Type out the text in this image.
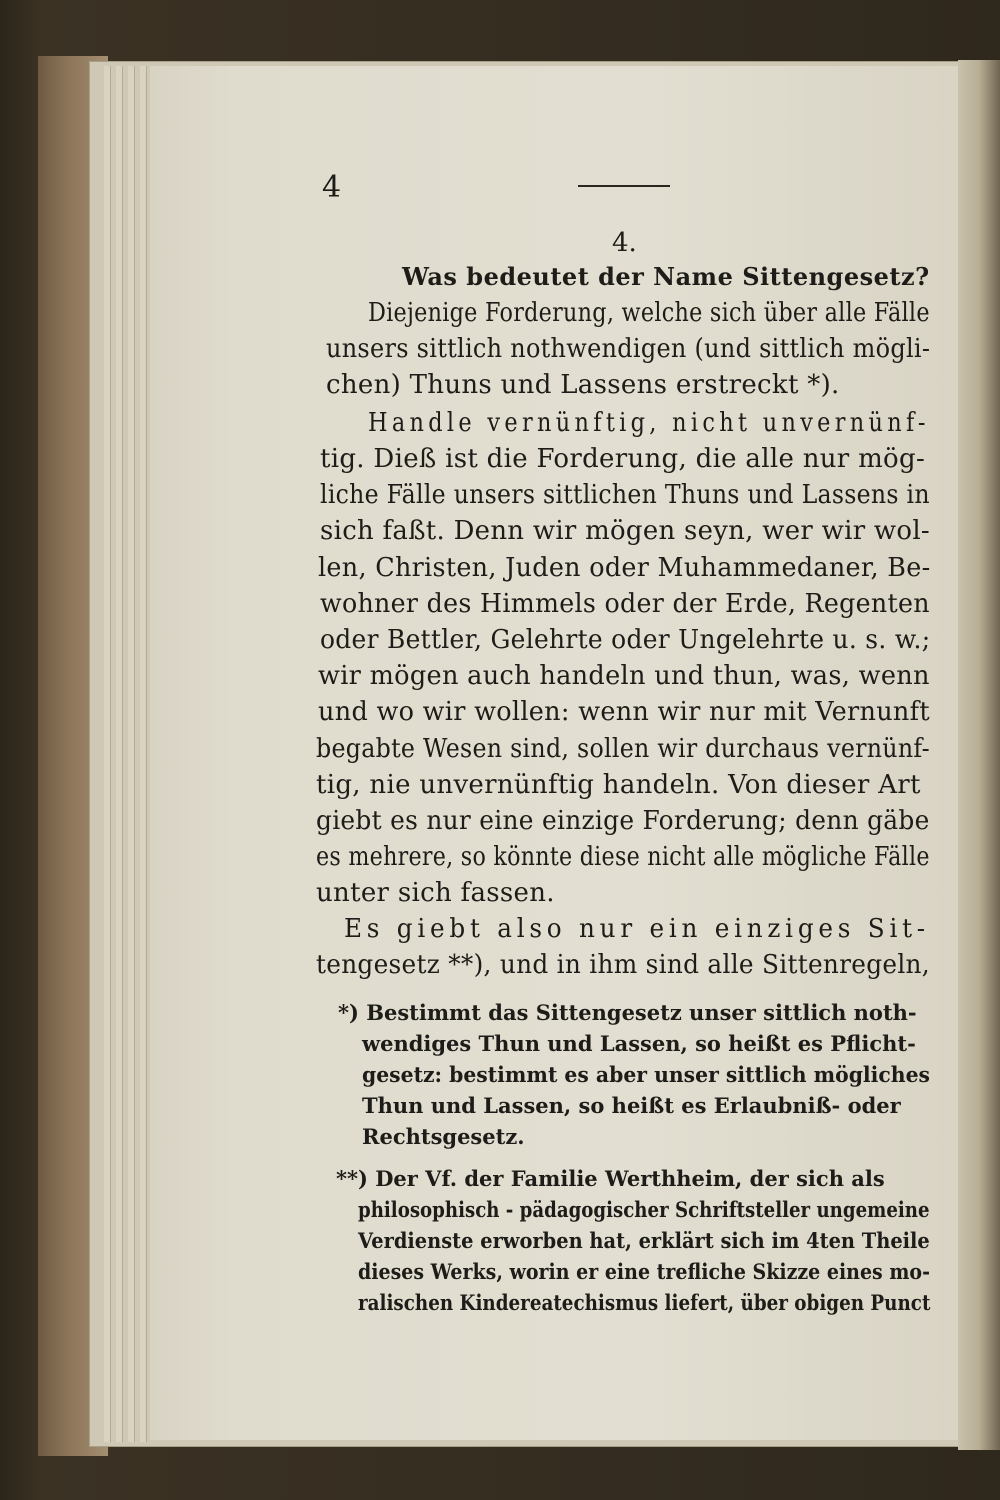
4
4.
Was bedeutet der Name Sittengesetz?
Diejenige Forderung, welche sich über alle Fälle
unsers sittlich nothwendigen (und sittlich mögli-
chen) Thuns und Lassens erstreckt *).
Handle vernünftig, nicht unvernünf-
tig. Dieß ist die Forderung, die alle nur mög-
liche Fälle unsers sittlichen Thuns und Lassens in
sich faßt. Denn wir mögen seyn, wer wir wol-
len, Christen, Juden oder Muhammedaner, Be-
wohner des Himmels oder der Erde, Regenten
oder Bettler, Gelehrte oder Ungelehrte u. s. w.;
wir mögen auch handeln und thun, was, wenn
und wo wir wollen: wenn wir nur mit Vernunft
begabte Wesen sind, sollen wir durchaus vernünf-
tig, nie unvernünftig handeln. Von dieser Art
giebt es nur eine einzige Forderung; denn gäbe
es mehrere, so könnte diese nicht alle mögliche Fälle
unter sich fassen.
Es giebt also nur ein einziges Sit-
tengesetz **), und in ihm sind alle Sittenregeln,
*) Bestimmt das Sittengesetz unser sittlich noth-
wendiges Thun und Lassen, so heißt es Pflicht-
gesetz: bestimmt es aber unser sittlich mögliches
Thun und Lassen, so heißt es Erlaubniß- oder
Rechtsgesetz.
**) Der Vf. der Familie Werthheim, der sich als
philosophisch - pädagogischer Schriftsteller ungemeine
Verdienste erworben hat, erklärt sich im 4ten Theile
dieses Werks, worin er eine trefliche Skizze eines mo-
ralischen Kindereatechismus liefert, über obigen Punct
